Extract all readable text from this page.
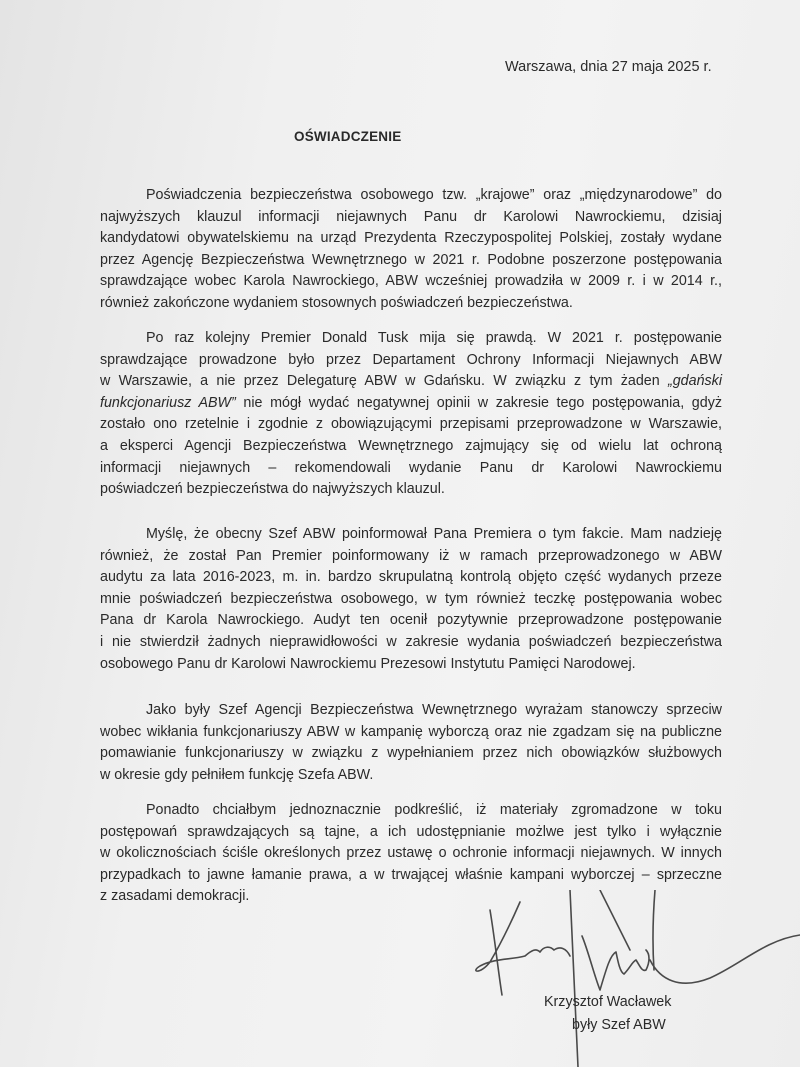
Warszawa, dnia 27 maja 2025 r.
OŚWIADCZENIE
Poświadczenia bezpieczeństwa osobowego tzw. „krajowe” oraz „międzynarodowe” do
najwyższych klauzul informacji niejawnych Panu dr Karolowi Nawrockiemu, dzisiaj
kandydatowi obywatelskiemu na urząd Prezydenta Rzeczypospolitej Polskiej, zostały wydane
przez Agencję Bezpieczeństwa Wewnętrznego w 2021 r. Podobne poszerzone postępowania
sprawdzające wobec Karola Nawrockiego, ABW wcześniej prowadziła w 2009 r. i w 2014 r.,
również zakończone wydaniem stosownych poświadczeń bezpieczeństwa.
Po raz kolejny Premier Donald Tusk mija się prawdą. W 2021 r. postępowanie
sprawdzające prowadzone było przez Departament Ochrony Informacji Niejawnych ABW
w Warszawie, a nie przez Delegaturę ABW w Gdańsku. W związku z tym żaden „gdański
funkcjonariusz ABW” nie mógł wydać negatywnej opinii w zakresie tego postępowania, gdyż
zostało ono rzetelnie i zgodnie z obowiązującymi przepisami przeprowadzone w Warszawie,
a eksperci Agencji Bezpieczeństwa Wewnętrznego zajmujący się od wielu lat ochroną
informacji niejawnych – rekomendowali wydanie Panu dr Karolowi Nawrockiemu
poświadczeń bezpieczeństwa do najwyższych klauzul.
Myślę, że obecny Szef ABW poinformował Pana Premiera o tym fakcie. Mam nadzieję
również, że został Pan Premier poinformowany iż w ramach przeprowadzonego w ABW
audytu za lata 2016-2023, m. in. bardzo skrupulatną kontrolą objęto część wydanych przeze
mnie poświadczeń bezpieczeństwa osobowego, w tym również teczkę postępowania wobec
Pana dr Karola Nawrockiego. Audyt ten ocenił pozytywnie przeprowadzone postępowanie
i nie stwierdził żadnych nieprawidłowości w zakresie wydania poświadczeń bezpieczeństwa
osobowego Panu dr Karolowi Nawrockiemu Prezesowi Instytutu Pamięci Narodowej.
Jako były Szef Agencji Bezpieczeństwa Wewnętrznego wyrażam stanowczy sprzeciw
wobec wikłania funkcjonariuszy ABW w kampanię wyborczą oraz nie zgadzam się na publiczne
pomawianie funkcjonariuszy w związku z wypełnianiem przez nich obowiązków służbowych
w okresie gdy pełniłem funkcję Szefa ABW.
Ponadto chciałbym jednoznacznie podkreślić, iż materiały zgromadzone w toku
postępowań sprawdzających są tajne, a ich udostępnianie możlwe jest tylko i wyłącznie
w okolicznościach ściśle określonych przez ustawę o ochronie informacji niejawnych. W innych
przypadkach to jawne łamanie prawa, a w trwającej właśnie kampani wyborczej – sprzeczne
z zasadami demokracji.
Krzysztof Wacławek
były Szef ABW
